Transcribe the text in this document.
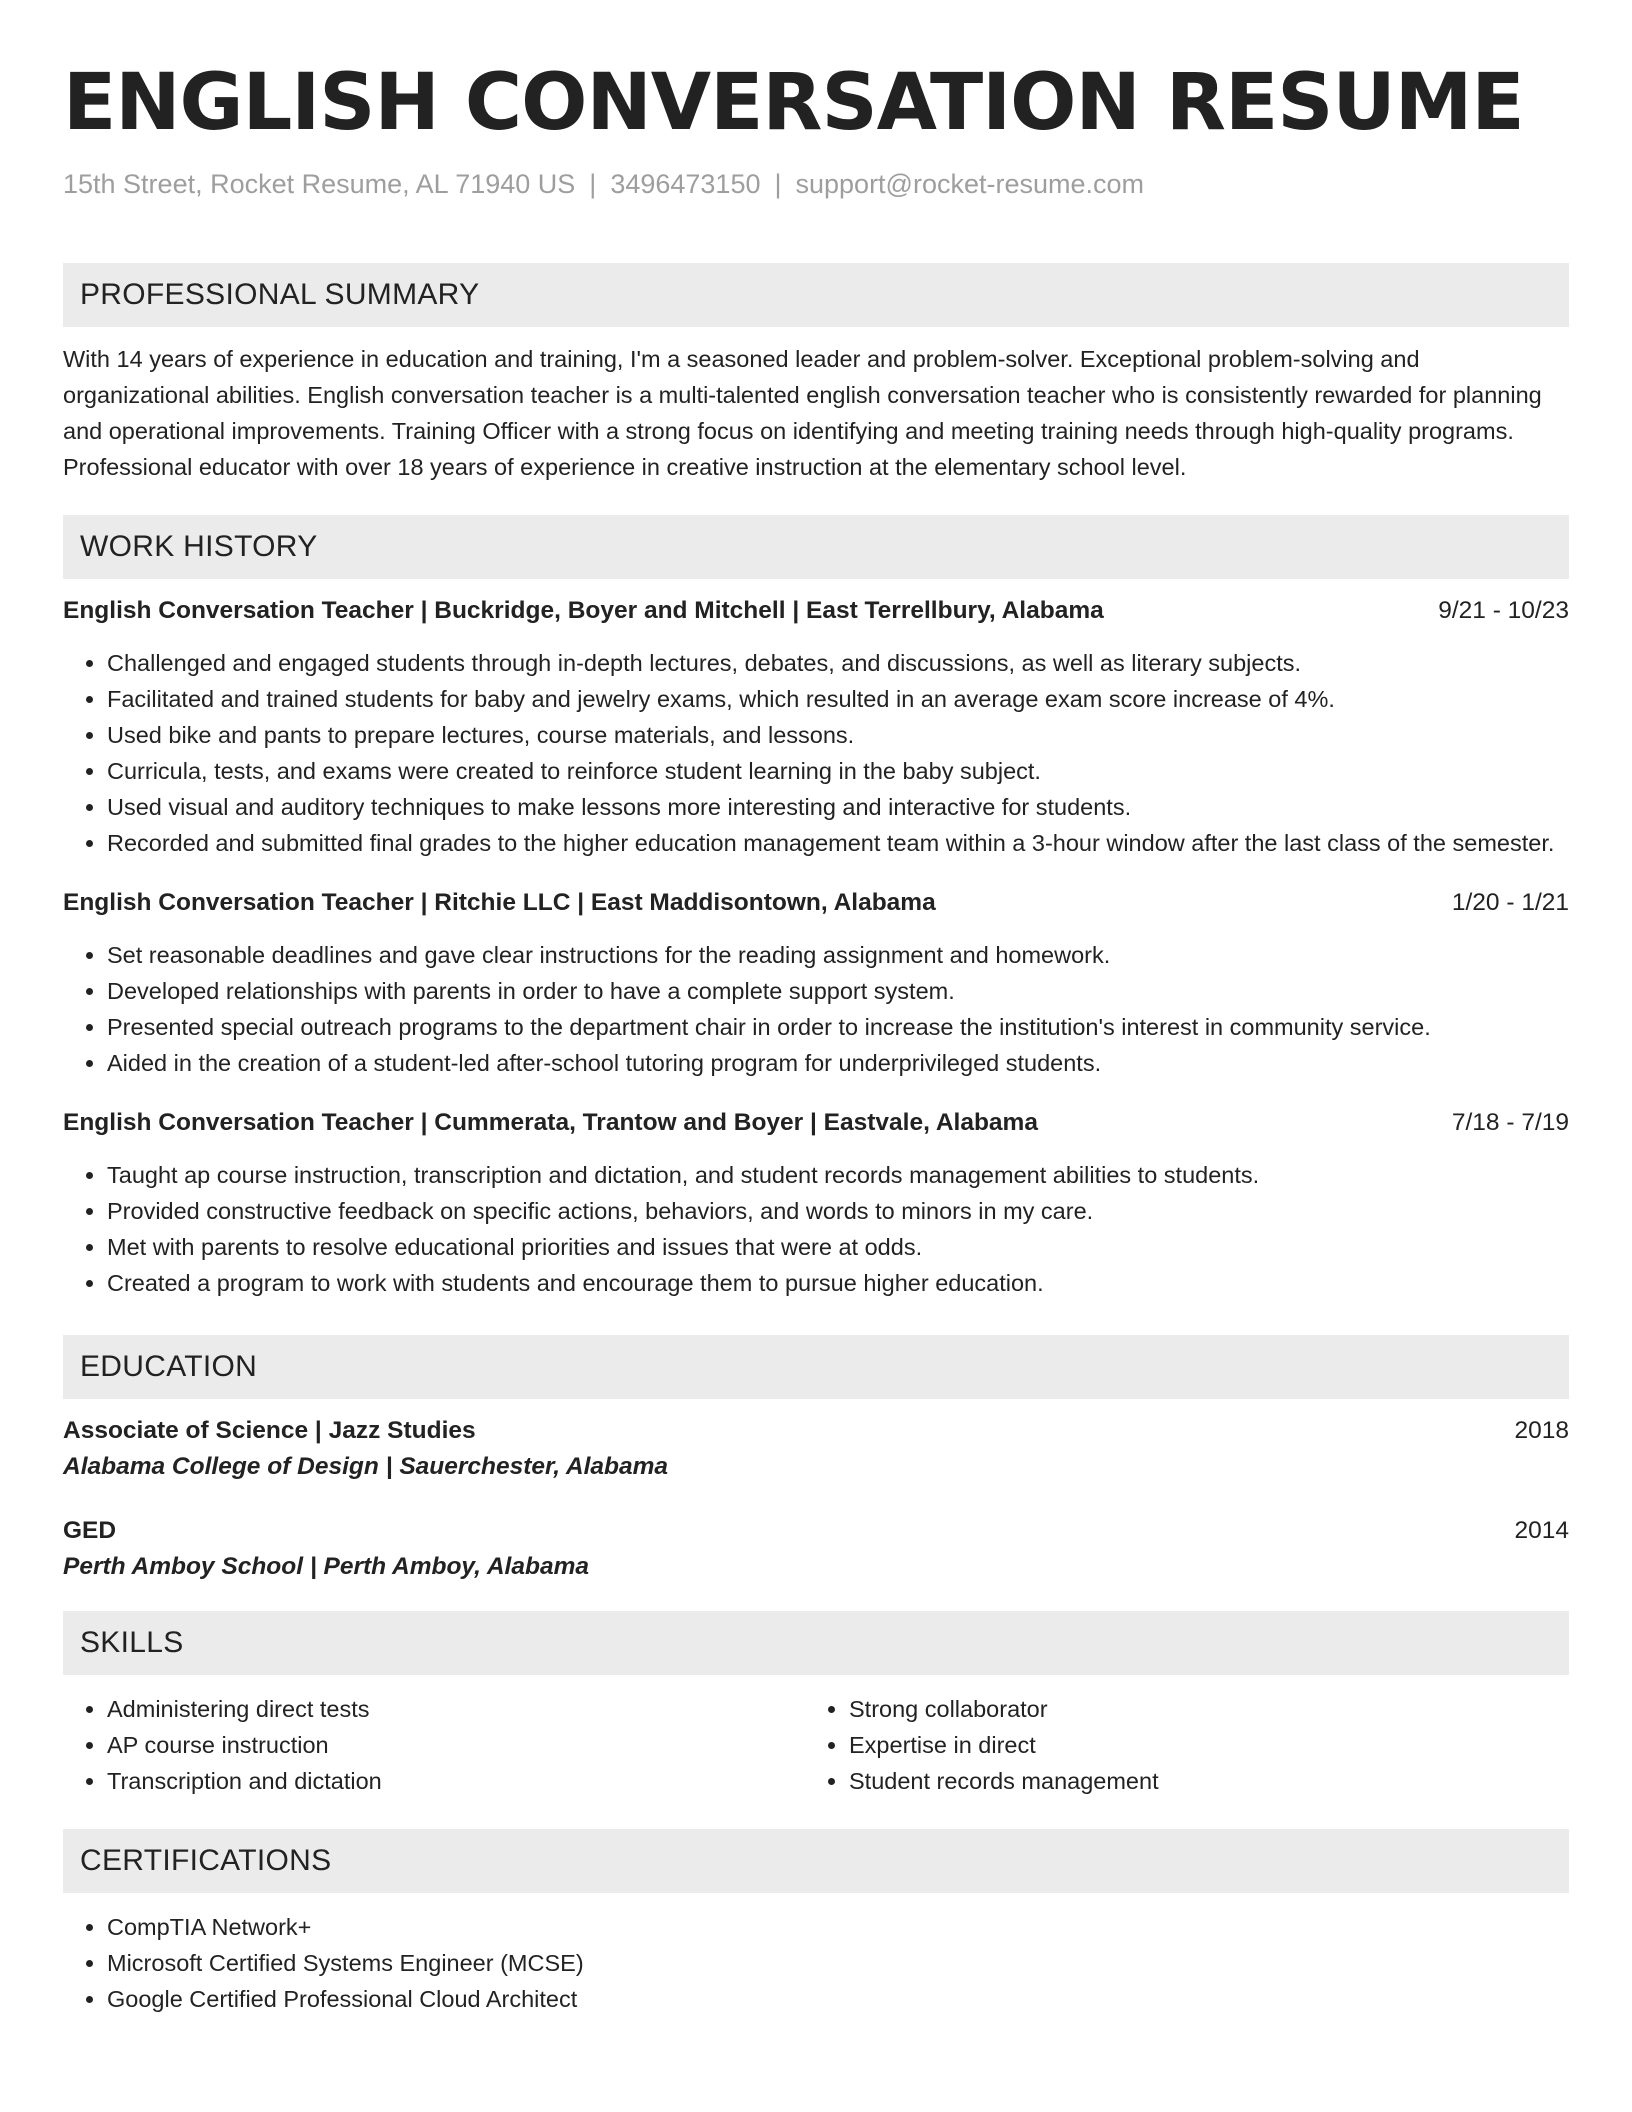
ENGLISH CONVERSATION RESUME
15th Street, Rocket Resume, AL 71940 US | 3496473150 | support@rocket-resume.com
PROFESSIONAL SUMMARY
With 14 years of experience in education and training, I'm a seasoned leader and problem-solver. Exceptional problem-solving and organizational abilities. English conversation teacher is a multi-talented english conversation teacher who is consistently rewarded for planning and operational improvements. Training Officer with a strong focus on identifying and meeting training needs through high-quality programs. Professional educator with over 18 years of experience in creative instruction at the elementary school level.
WORK HISTORY
English Conversation Teacher | Buckridge, Boyer and Mitchell | East Terrellbury, Alabama	9/21 - 10/23
• Challenged and engaged students through in-depth lectures, debates, and discussions, as well as literary subjects.
• Facilitated and trained students for baby and jewelry exams, which resulted in an average exam score increase of 4%.
• Used bike and pants to prepare lectures, course materials, and lessons.
• Curricula, tests, and exams were created to reinforce student learning in the baby subject.
• Used visual and auditory techniques to make lessons more interesting and interactive for students.
• Recorded and submitted final grades to the higher education management team within a 3-hour window after the last class of the semester.
English Conversation Teacher | Ritchie LLC | East Maddisontown, Alabama	1/20 - 1/21
• Set reasonable deadlines and gave clear instructions for the reading assignment and homework.
• Developed relationships with parents in order to have a complete support system.
• Presented special outreach programs to the department chair in order to increase the institution's interest in community service.
• Aided in the creation of a student-led after-school tutoring program for underprivileged students.
English Conversation Teacher | Cummerata, Trantow and Boyer | Eastvale, Alabama	7/18 - 7/19
• Taught ap course instruction, transcription and dictation, and student records management abilities to students.
• Provided constructive feedback on specific actions, behaviors, and words to minors in my care.
• Met with parents to resolve educational priorities and issues that were at odds.
• Created a program to work with students and encourage them to pursue higher education.
EDUCATION
Associate of Science | Jazz Studies	2018
Alabama College of Design | Sauerchester, Alabama
GED	2014
Perth Amboy School | Perth Amboy, Alabama
SKILLS
• Administering direct tests
• AP course instruction
• Transcription and dictation
• Strong collaborator
• Expertise in direct
• Student records management
CERTIFICATIONS
• CompTIA Network+
• Microsoft Certified Systems Engineer (MCSE)
• Google Certified Professional Cloud Architect
